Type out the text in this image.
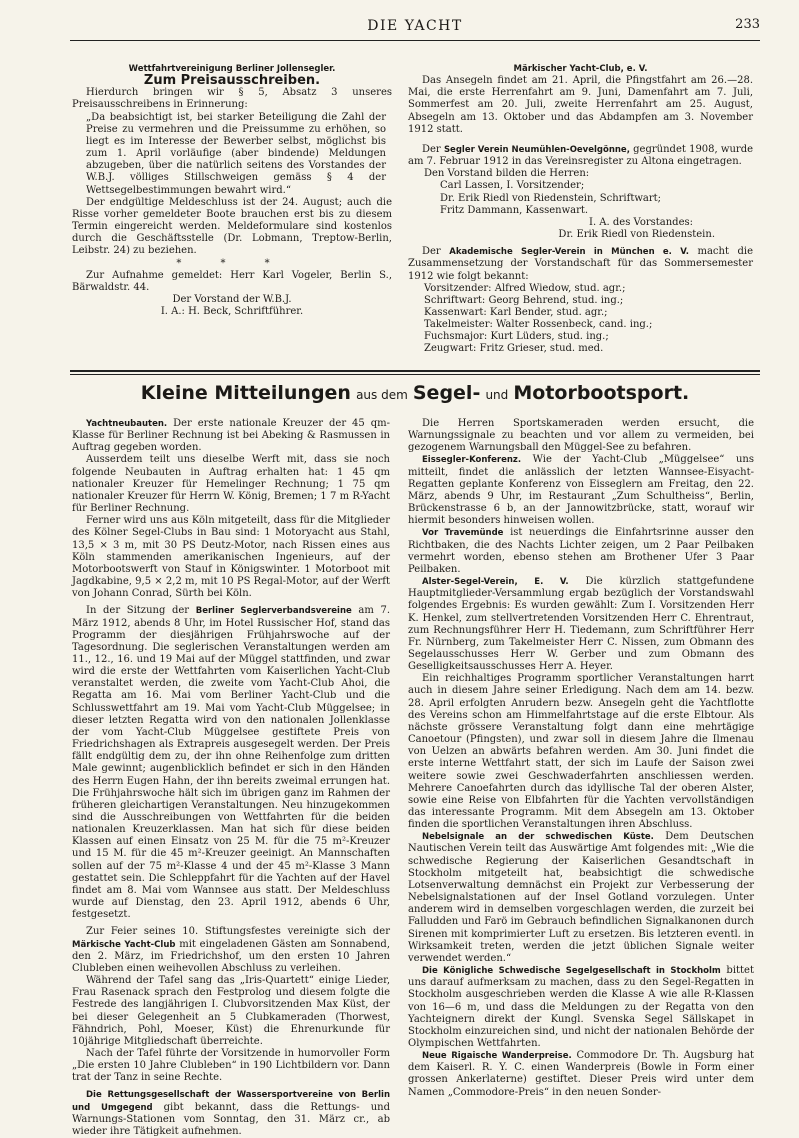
DIE YACHT	233

Wettfahrtvereinigung Berliner Jollensegler.

Zum Preisausschreiben.

Hierdurch bringen wir § 5, Absatz 3 unseres Preisausschreibens in Erinnerung:

„Da beabsichtigt ist, bei starker Beteiligung die Zahl der Preise zu vermehren und die Preissumme zu erhöhen, so liegt es im Interesse der Bewerber selbst, möglichst bis zum 1. April vorläufige (aber bindende) Meldungen abzugeben, über die natürlich seitens des Vorstandes der W.B.J. völliges Stillschweigen gemäss § 4 der Wettsegelbestimmungen bewahrt wird.“

Der endgültige Meldeschluss ist der 24. August; auch die Risse vorher gemeldeter Boote brauchen erst bis zu diesem Termin eingereicht werden. Meldeformulare sind kostenlos durch die Geschäftsstelle (Dr. Lobmann, Treptow-Berlin, Leibstr. 24) zu beziehen.

* * *

Zur Aufnahme gemeldet: Herr Karl Vogeler, Berlin S., Bärwaldstr. 44.

Der Vorstand der W.B.J.

I. A.: H. Beck, Schriftführer.

Märkischer Yacht-Club, e. V.

Das Ansegeln findet am 21. April, die Pfingstfahrt am 26.—28. Mai, die erste Herrenfahrt am 9. Juni, Damenfahrt am 7. Juli, Sommerfest am 20. Juli, zweite Herrenfahrt am 25. August, Absegeln am 13. Oktober und das Abdampfen am 3. November 1912 statt.

Der Segler Verein Neumühlen-Oevelgönne, gegründet 1908, wurde am 7. Februar 1912 in das Vereinsregister zu Altona eingetragen.

Den Vorstand bilden die Herren:

Carl Lassen, I. Vorsitzender;

Dr. Erik Riedl von Riedenstein, Schriftwart;

Fritz Dammann, Kassenwart.

I. A. des Vorstandes:

Dr. Erik Riedl von Riedenstein.

Der Akademische Segler-Verein in München e. V. macht die Zusammensetzung der Vorstandschaft für das Sommersemester 1912 wie folgt bekannt:

Vorsitzender: Alfred Wiedow, stud. agr.;

Schriftwart: Georg Behrend, stud. ing.;

Kassenwart: Karl Bender, stud. agr.;

Takelmeister: Walter Rossenbeck, cand. ing.;

Fuchsmajor: Kurt Lüders, stud. ing.;

Zeugwart: Fritz Grieser, stud. med.

Kleine Mitteilungen aus dem Segel- und Motorbootsport.

Yachtneubauten. Der erste nationale Kreuzer der 45 qm-Klasse für Berliner Rechnung ist bei Abeking & Rasmussen in Auftrag gegeben worden.

Ausserdem teilt uns dieselbe Werft mit, dass sie noch folgende Neubauten in Auftrag erhalten hat: 1 45 qm nationaler Kreuzer für Hemelinger Rechnung; 1 75 qm nationaler Kreuzer für Herrn W. König, Bremen; 1 7 m R-Yacht für Berliner Rechnung.

Ferner wird uns aus Köln mitgeteilt, dass für die Mitglieder des Kölner Segel-Clubs in Bau sind: 1 Motoryacht aus Stahl, 13,5 × 3 m, mit 30 PS Deutz-Motor, nach Rissen eines aus Köln stammenden amerikanischen Ingenieurs, auf der Motorbootswerft von Stauf in Königswinter. 1 Motorboot mit Jagdkabine, 9,5 × 2,2 m, mit 10 PS Regal-Motor, auf der Werft von Johann Conrad, Sürth bei Köln.

In der Sitzung der Berliner Seglerverbandsvereine am 7. März 1912, abends 8 Uhr, im Hotel Russischer Hof, stand das Programm der diesjährigen Frühjahrswoche auf der Tagesordnung. Die seglerischen Veranstaltungen werden am 11., 12., 16. und 19 Mai auf der Müggel stattfinden, und zwar wird die erste der Wettfahrten vom Kaiserlichen Yacht-Club veranstaltet werden, die zweite vom Yacht-Club Ahoi, die Regatta am 16. Mai vom Berliner Yacht-Club und die Schlusswettfahrt am 19. Mai vom Yacht-Club Müggelsee; in dieser letzten Regatta wird von den nationalen Jollenklasse der vom Yacht-Club Müggelsee gestiftete Preis von Friedrichshagen als Extrapreis ausgesegelt werden. Der Preis fällt endgültig dem zu, der ihn ohne Reihenfolge zum dritten Male gewinnt; augenblicklich befindet er sich in den Händen des Herrn Eugen Hahn, der ihn bereits zweimal errungen hat. Die Frühjahrswoche hält sich im übrigen ganz im Rahmen der früheren gleichartigen Veranstaltungen. Neu hinzugekommen sind die Ausschreibungen von Wettfahrten für die beiden nationalen Kreuzerklassen. Man hat sich für diese beiden Klassen auf einen Einsatz von 25 M. für die 75 m²-Kreuzer und 15 M. für die 45 m²-Kreuzer geeinigt. An Mannschaften sollen auf der 75 m²-Klasse 4 und der 45 m²-Klasse 3 Mann gestattet sein. Die Schleppfahrt für die Yachten auf der Havel findet am 8. Mai vom Wannsee aus statt. Der Meldeschluss wurde auf Dienstag, den 23. April 1912, abends 6 Uhr, festgesetzt.

Zur Feier seines 10. Stiftungsfestes vereinigte sich der Märkische Yacht-Club mit eingeladenen Gästen am Sonnabend, den 2. März, im Friedrichshof, um den ersten 10 Jahren Clubleben einen weihevollen Abschluss zu verleihen.

Während der Tafel sang das „Iris-Quartett“ einige Lieder, Frau Rasenack sprach den Festprolog und diesem folgte die Festrede des langjährigen I. Clubvorsitzenden Max Küst, der bei dieser Gelegenheit an 5 Clubkameraden (Thorwest, Fähndrich, Pohl, Moeser, Küst) die Ehrenurkunde für 10jährige Mitgliedschaft überreichte.

Nach der Tafel führte der Vorsitzende in humorvoller Form „Die ersten 10 Jahre Clubleben“ in 190 Lichtbildern vor. Dann trat der Tanz in seine Rechte.

Die Rettungsgesellschaft der Wassersportvereine von Berlin und Umgegend gibt bekannt, dass die Rettungs- und Warnungs-Stationen vom Sonntag, den 31. März cr., ab wieder ihre Tätigkeit aufnehmen.

Die Herren Sportskameraden werden ersucht, die Warnungssignale zu beachten und vor allem zu vermeiden, bei gezogenem Warnungsball den Müggel-See zu befahren.

Eissegler-Konferenz. Wie der Yacht-Club „Müggelsee“ uns mitteilt, findet die anlässlich der letzten Wannsee-Eisyacht-Regatten geplante Konferenz von Eisseglern am Freitag, den 22. März, abends 9 Uhr, im Restaurant „Zum Schultheiss“, Berlin, Brückenstrasse 6 b, an der Jannowitzbrücke, statt, worauf wir hiermit besonders hinweisen wollen.

Vor Travemünde ist neuerdings die Einfahrtsrinne ausser den Richtbaken, die des Nachts Lichter zeigen, um 2 Paar Peilbaken vermehrt worden, ebenso stehen am Brothener Ufer 3 Paar Peilbaken.

Alster-Segel-Verein, E. V. Die kürzlich stattgefundene Hauptmitglieder-Versammlung ergab bezüglich der Vorstandswahl folgendes Ergebnis: Es wurden gewählt: Zum I. Vorsitzenden Herr K. Henkel, zum stellvertretenden Vorsitzenden Herr C. Ehrentraut, zum Rechnungsführer Herr H. Tiedemann, zum Schriftführer Herr Fr. Nürnberg, zum Takelmeister Herr C. Nissen, zum Obmann des Segelausschusses Herr W. Gerber und zum Obmann des Geselligkeitsausschusses Herr A. Heyer.

Ein reichhaltiges Programm sportlicher Veranstaltungen harrt auch in diesem Jahre seiner Erledigung. Nach dem am 14. bezw. 28. April erfolgten Anrudern bezw. Ansegeln geht die Yachtflotte des Vereins schon am Himmelfahrtstage auf die erste Elbtour. Als nächste grössere Veranstaltung folgt dann eine mehrtägige Canoetour (Pfingsten), und zwar soll in diesem Jahre die Ilmenau von Uelzen an abwärts befahren werden. Am 30. Juni findet die erste interne Wettfahrt statt, der sich im Laufe der Saison zwei weitere sowie zwei Geschwaderfahrten anschliessen werden. Mehrere Canoefahrten durch das idyllische Tal der oberen Alster, sowie eine Reise von Elbfahrten für die Yachten vervollständigen das interessante Programm. Mit dem Absegeln am 13. Oktober finden die sportlichen Veranstaltungen ihren Abschluss.

Nebelsignale an der schwedischen Küste. Dem Deutschen Nautischen Verein teilt das Auswärtige Amt folgendes mit: „Wie die schwedische Regierung der Kaiserlichen Gesandtschaft in Stockholm mitgeteilt hat, beabsichtigt die schwedische Lotsenverwaltung demnächst ein Projekt zur Verbesserung der Nebelsignalstationen auf der Insel Gotland vorzulegen. Unter anderem wird in demselben vorgeschlagen werden, die zurzeit bei Falludden und Farö im Gebrauch befindlichen Signalkanonen durch Sirenen mit komprimierter Luft zu ersetzen. Bis letzteren eventl. in Wirksamkeit treten, werden die jetzt üblichen Signale weiter verwendet werden.“

Die Königliche Schwedische Segelgesellschaft in Stockholm bittet uns darauf aufmerksam zu machen, dass zu den Segel-Regatten in Stockholm ausgeschrieben werden die Klasse A wie alle R-Klassen von 16—6 m, und dass die Meldungen zu der Regatta von den Yachteignern direkt der Kungl. Svenska Segel Sällskapet in Stockholm einzureichen sind, und nicht der nationalen Behörde der Olympischen Wettfahrten.

Neue Rigaische Wanderpreise. Commodore Dr. Th. Augsburg hat dem Kaiserl. R. Y. C. einen Wanderpreis (Bowle in Form einer grossen Ankerlaterne) gestiftet. Dieser Preis wird unter dem Namen „Commodore-Preis“ in den neuen Sonder-
